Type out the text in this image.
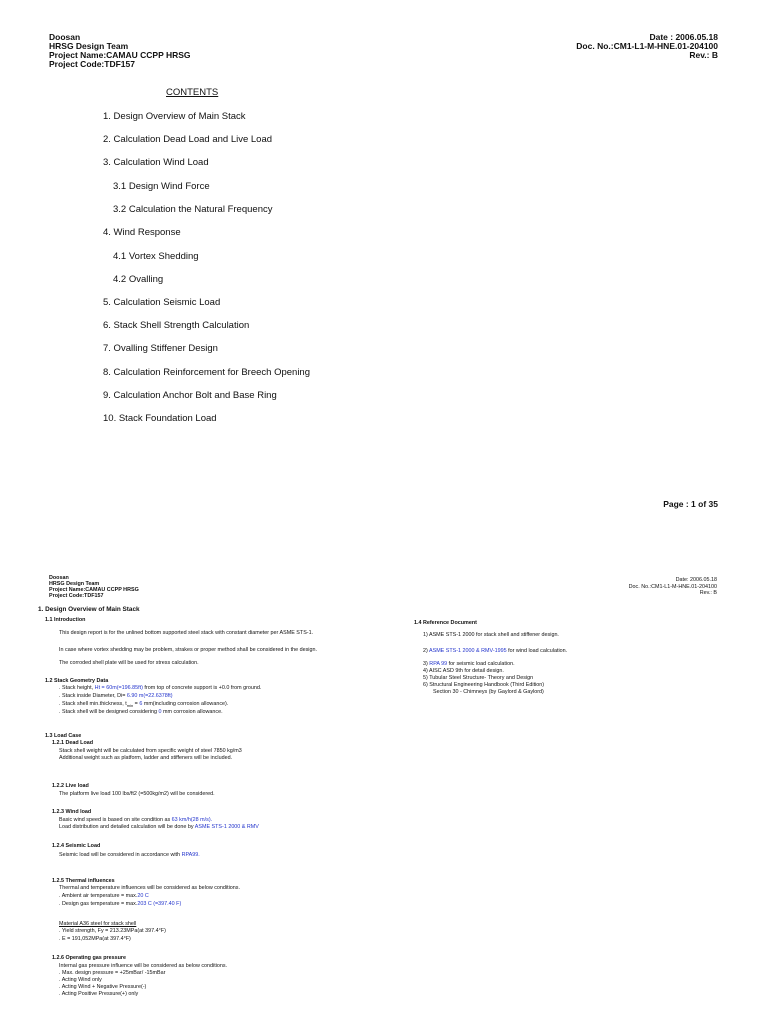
Doosan
HRSG Design Team
Project Name:CAMAU CCPP HRSG
Project Code:TDF157
Date : 2006.05.18
Doc. No.:CM1-L1-M-HNE.01-204100
Rev.: B
CONTENTS
1. Design Overview of Main Stack
2. Calculation Dead Load and Live Load
3. Calculation Wind Load
3.1 Design Wind Force
3.2 Calculation the Natural Frequency
4. Wind Response
4.1 Vortex Shedding
4.2 Ovalling
5. Calculation Seismic Load
6. Stack Shell Strength Calculation
7. Ovalling Stiffener Design
8. Calculation Reinforcement for Breech Opening
9. Calculation Anchor Bolt and Base Ring
10. Stack Foundation Load
Page : 1 of 35
Doosan
HRSG Design Team
Project Name:CAMAU CCPP HRSG
Project Code:TDF157
Date: 2006.05.18
Doc. No.:CM1-L1-M-HNE.01-204100
Rev.: B
1. Design Overview of Main Stack
1.1 Introduction
This design report is for the unlined bottom supported steel stack with constant diameter per ASME STS-1.
In case where vortex shedding may be problem, strakes or proper method shall be considered in the design.
The corroded shell plate will be used for stress calculation.
1.2 Stack Geometry Data
. Stack height, Ht = 60m(=196.85ft) from top of concrete support is +0.0 from ground.
. Stack inside Diameter, Di= 6.90 m(=22.6378ft)
. Stack shell min.thickness, $t_{min} = 6$ mm(including corrosion allowance).
. Stack shell will be designed considering 0 mm corrosion allowance.
1.3 Load Case
1.2.1 Dead Load
Stack shell weight will be calculated from specific weight of steel 7850 kg/m3
Additional weight such as platform, ladder and stiffeners will be included.
1.2.2 Live load
The platform live load 100 lbs/ft2 (=500kg/m2) will be considered.
1.2.3 Wind load
Basic wind speed is based on site condition as 63 km/h(28 m/s).
Load distribution and detailed calculation will be done by ASME STS-1 2000 & RMV
1.2.4 Seismic Load
Seismic load will be considered in accordance with RPA99.
1.2.5 Thermal influences
Thermal and temperature influences will be considered as below conditions.
. Ambient air temperature = max.20 C
. Design gas temperature = max.203 C (=397.40 F)
Material A36 steel for stack shell
. Yield strength, Fy = 213.23MPa(at 397.4°F)
. E = 191,052MPa(at 397.4°F)
1.2.6 Operating gas pressure
Internal gas pressure influence will be considered as below conditions.
. Max. design pressure = +25mBar/ -15mBar
. Acting Wind only
. Acting Wind + Negative Pressure(-)
. Acting Positive Pressure(+) only
1.4 Reference Document
1) ASME STS-1 2000 for stack shell and stiffener design.
2) ASME STS-1 2000 & RMV-1995 for wind load calculation.
3) RPA 99 for seismic load calculation.
4) AISC ASD 9th for detail design.
5) Tubular Steel Structure- Theory and Design
6) Structural Engineering Handbook (Third Edition)
Section 30 - Chimneys (by Gaylord & Gaylord)
